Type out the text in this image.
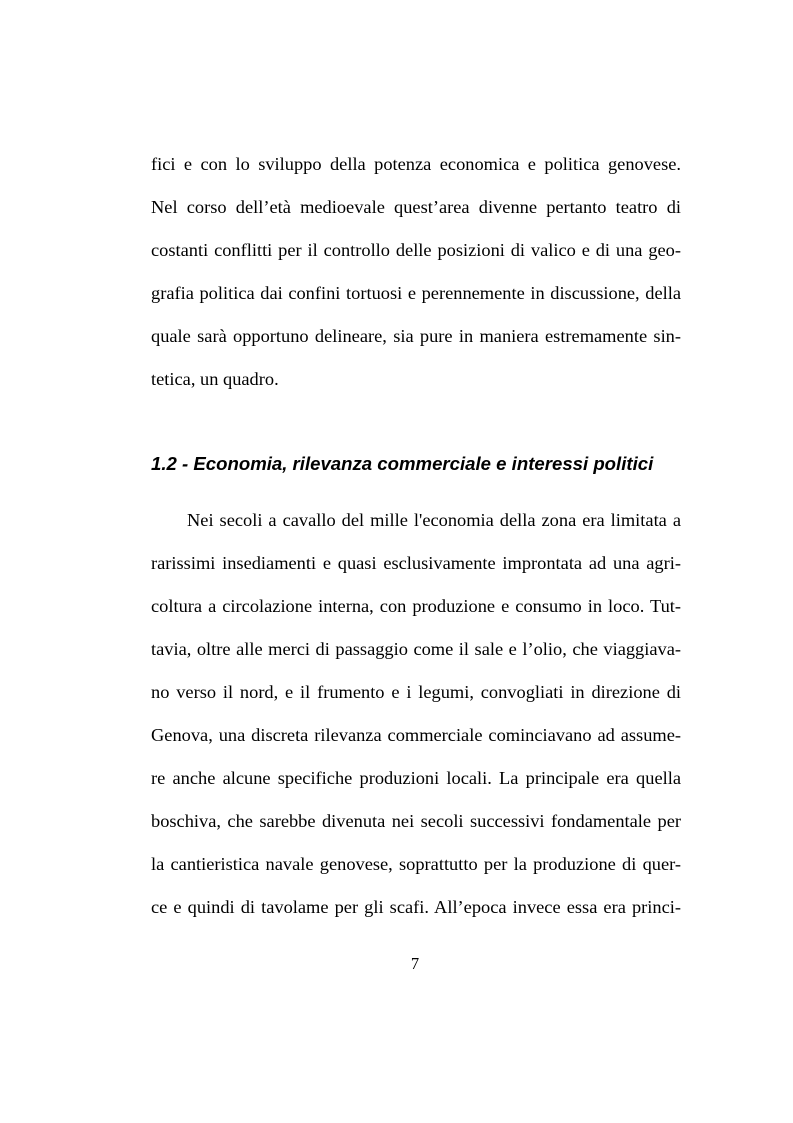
fici e con lo sviluppo della potenza economica e politica genovese.
Nel corso dell’età medioevale quest’area divenne pertanto teatro di
costanti conflitti per il controllo delle posizioni di valico e di una geo-
grafia politica dai confini tortuosi e perennemente in discussione, della
quale sarà opportuno delineare, sia pure in maniera estremamente sin-
tetica, un quadro.
1.2 - Economia, rilevanza commerciale e interessi politici
Nei secoli a cavallo del mille l'economia della zona era limitata a
rarissimi insediamenti e quasi esclusivamente improntata ad una agri-
coltura a circolazione interna, con produzione e consumo in loco. Tut-
tavia, oltre alle merci di passaggio come il sale e l’olio, che viaggiava-
no verso il nord, e il frumento e i legumi, convogliati in direzione di
Genova, una discreta rilevanza commerciale cominciavano ad assume-
re anche alcune specifiche produzioni locali. La principale era quella
boschiva, che sarebbe divenuta nei secoli successivi fondamentale per
la cantieristica navale genovese, soprattutto per la produzione di quer-
ce e quindi di tavolame per gli scafi. All’epoca invece essa era princi-
7
